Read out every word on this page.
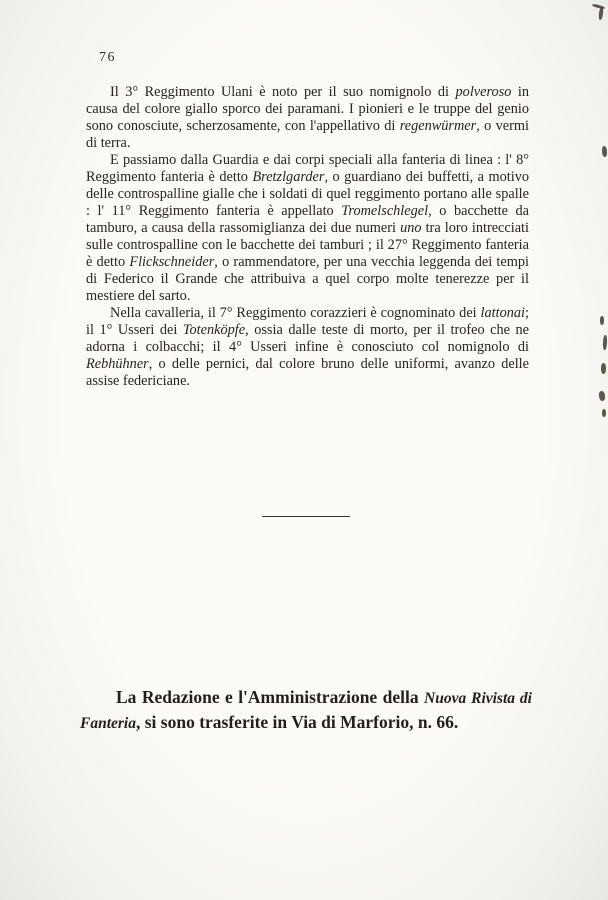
76

Il 3° Reggimento Ulani è noto per il suo nomignolo di polveroso in causa del colore giallo sporco dei paramani. I pionieri e le truppe del genio sono conosciute, scherzosamente, con l'appellativo di regenwürmer, o vermi di terra.

E passiamo dalla Guardia e dai corpi speciali alla fanteria di linea : l' 8° Reggimento fanteria è detto Bretzlgarder, o guardiano dei buffetti, a motivo delle controspalline gialle che i soldati di quel reggimento portano alle spalle : l' 11° Reggimento fanteria è appellato Tromelschlegel, o bacchette da tamburo, a causa della rassomiglianza dei due numeri uno tra loro intrecciati sulle controspalline con le bacchette dei tamburi ; il 27° Reggimento fanteria è detto Flickschneider, o rammendatore, per una vecchia leggenda dei tempi di Federico il Grande che attribuiva a quel corpo molte tenerezze per il mestiere del sarto.

Nella cavalleria, il 7° Reggimento corazzieri è cognominato dei lattonai; il 1° Usseri dei Totenköpfe, ossia dalle teste di morto, per il trofeo che ne adorna i colbacchi; il 4° Usseri infine è conosciuto col nomignolo di Rebhühner, o delle pernici, dal colore bruno delle uniformi, avanzo delle assise federiciane.

La Redazione e l'Amministrazione della Nuova Rivista di Fanteria, si sono trasferite in Via di Marforio, n. 66.
